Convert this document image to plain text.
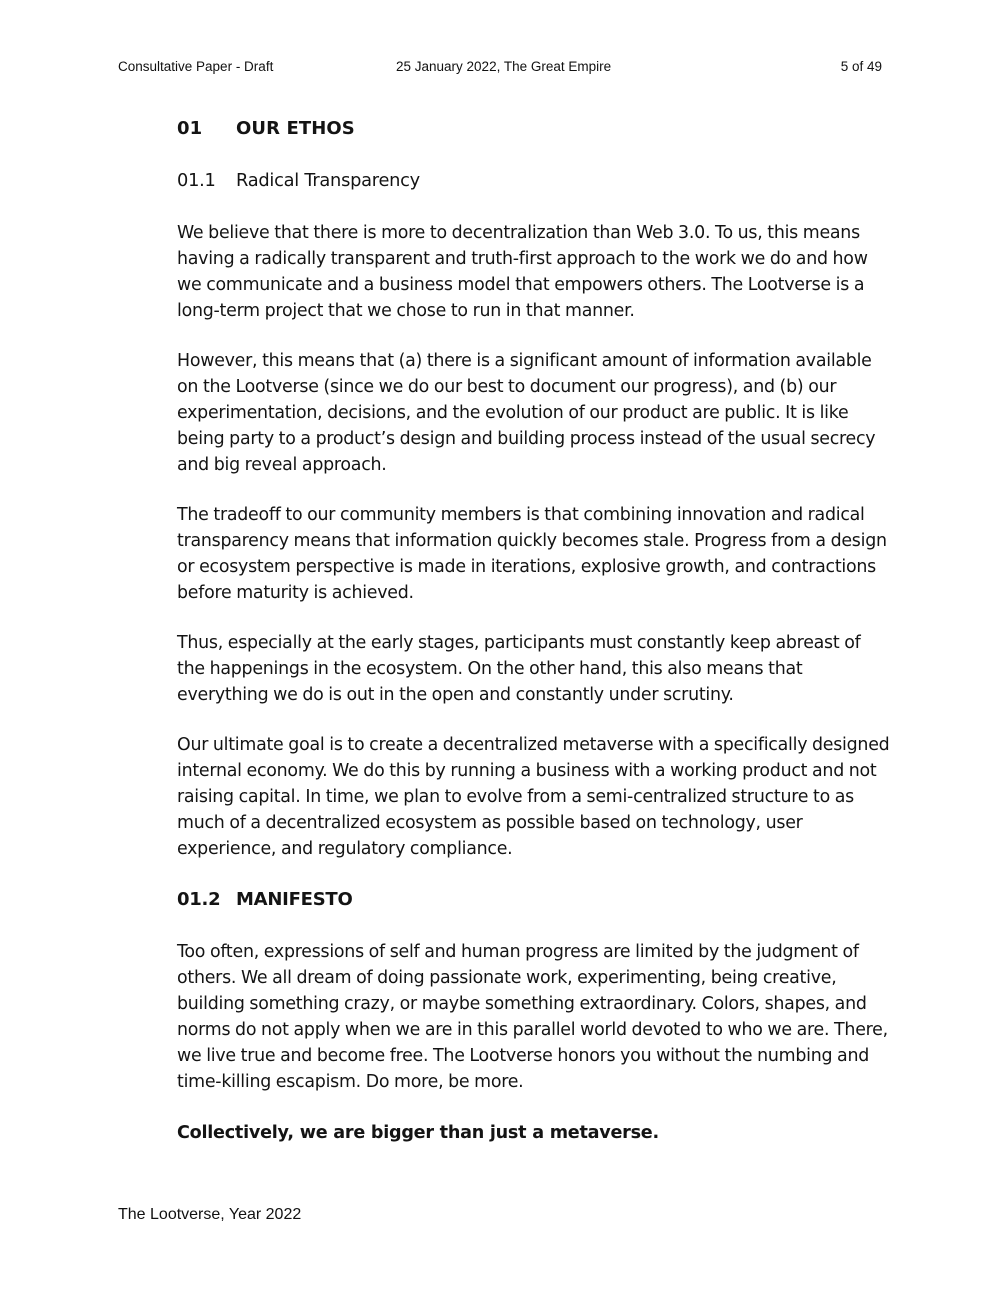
Consultative Paper - Draft	25 January 2022, The Great Empire	5 of 49
01	OUR ETHOS
01.1	Radical Transparency

We believe that there is more to decentralization than Web 3.0. To us, this means having a radically transparent and truth-first approach to the work we do and how we communicate and a business model that empowers others. The Lootverse is a long-term project that we chose to run in that manner.

However, this means that (a) there is a significant amount of information available on the Lootverse (since we do our best to document our progress), and (b) our experimentation, decisions, and the evolution of our product are public. It is like being party to a product’s design and building process instead of the usual secrecy and big reveal approach.

The tradeoff to our community members is that combining innovation and radical transparency means that information quickly becomes stale. Progress from a design or ecosystem perspective is made in iterations, explosive growth, and contractions before maturity is achieved.

Thus, especially at the early stages, participants must constantly keep abreast of the happenings in the ecosystem. On the other hand, this also means that everything we do is out in the open and constantly under scrutiny.

Our ultimate goal is to create a decentralized metaverse with a specifically designed internal economy. We do this by running a business with a working product and not raising capital. In time, we plan to evolve from a semi-centralized structure to as much of a decentralized ecosystem as possible based on technology, user experience, and regulatory compliance.

01.2 MANIFESTO

Too often, expressions of self and human progress are limited by the judgment of others. We all dream of doing passionate work, experimenting, being creative, building something crazy, or maybe something extraordinary. Colors, shapes, and norms do not apply when we are in this parallel world devoted to who we are. There, we live true and become free. The Lootverse honors you without the numbing and time-killing escapism. Do more, be more.

Collectively, we are bigger than just a metaverse.

The Lootverse, Year 2022
